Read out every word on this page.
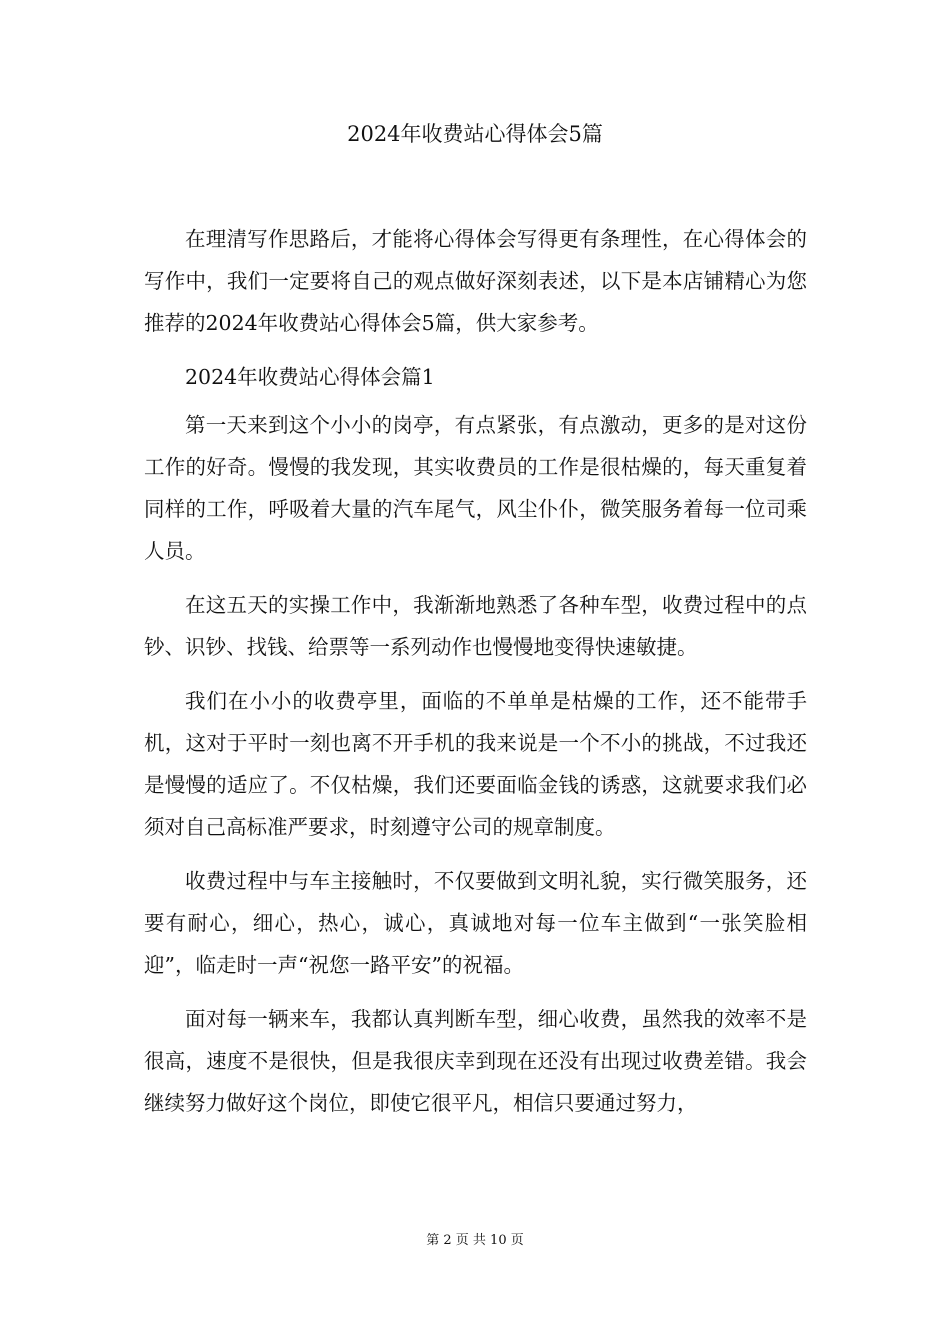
2024年收费站心得体会5篇

在理清写作思路后，才能将心得体会写得更有条理性，在心得体会的写作中，我们一定要将自己的观点做好深刻表述，以下是本店铺精心为您推荐的2024年收费站心得体会5篇，供大家参考。

2024年收费站心得体会篇1

第一天来到这个小小的岗亭，有点紧张，有点激动，更多的是对这份工作的好奇。慢慢的我发现，其实收费员的工作是很枯燥的，每天重复着同样的工作，呼吸着大量的汽车尾气，风尘仆仆，微笑服务着每一位司乘人员。

在这五天的实操工作中，我渐渐地熟悉了各种车型，收费过程中的点钞、识钞、找钱、给票等一系列动作也慢慢地变得快速敏捷。

我们在小小的收费亭里，面临的不单单是枯燥的工作，还不能带手机，这对于平时一刻也离不开手机的我来说是一个不小的挑战，不过我还是慢慢的适应了。不仅枯燥，我们还要面临金钱的诱惑，这就要求我们必须对自己高标准严要求，时刻遵守公司的规章制度。

收费过程中与车主接触时，不仅要做到文明礼貌，实行微笑服务，还要有耐心，细心，热心，诚心，真诚地对每一位车主做到“一张笑脸相迎”，临走时一声“祝您一路平安”的祝福。

面对每一辆来车，我都认真判断车型，细心收费，虽然我的效率不是很高，速度不是很快，但是我很庆幸到现在还没有出现过收费差错。我会继续努力做好这个岗位，即使它很平凡，相信只要通过努力，

第 2 页 共 10 页
